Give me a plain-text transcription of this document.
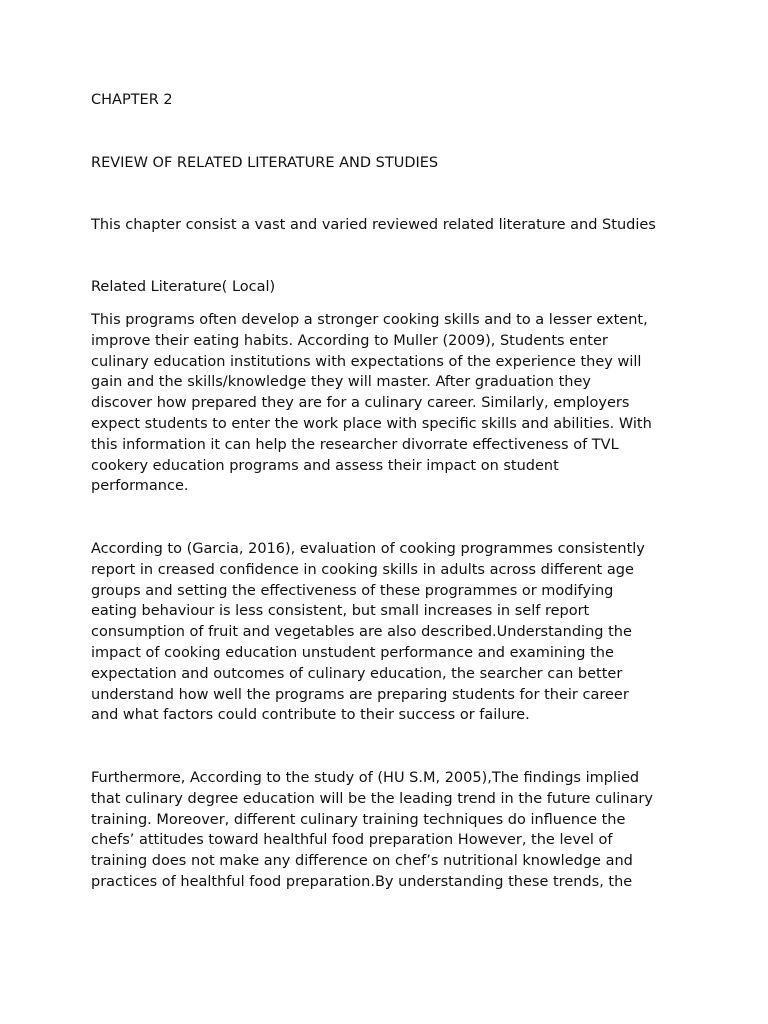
CHAPTER 2

REVIEW OF RELATED LITERATURE AND STUDIES

This chapter consist a vast and varied reviewed related literature and Studies

Related Literature( Local)

This programs often develop a stronger cooking skills and to a lesser extent,
improve their eating habits. According to Muller (2009), Students enter
culinary education institutions with expectations of the experience they will
gain and the skills/knowledge they will master. After graduation they
discover how prepared they are for a culinary career. Similarly, employers
expect students to enter the work place with specific skills and abilities. With
this information it can help the researcher divorrate effectiveness of TVL
cookery education programs and assess their impact on student
performance.
According to (Garcia, 2016), evaluation of cooking programmes consistently
report in creased confidence in cooking skills in adults across different age
groups and setting the effectiveness of these programmes or modifying
eating behaviour is less consistent, but small increases in self report
consumption of fruit and vegetables are also described.Understanding the
impact of cooking education unstudent performance and examining the
expectation and outcomes of culinary education, the searcher can better
understand how well the programs are preparing students for their career
and what factors could contribute to their success or failure.
Furthermore, According to the study of (HU S.M, 2005),The findings implied
that culinary degree education will be the leading trend in the future culinary
training. Moreover, different culinary training techniques do influence the
chefs’ attitudes toward healthful food preparation However, the level of
training does not make any difference on chef’s nutritional knowledge and
practices of healthful food preparation.By understanding these trends, the
